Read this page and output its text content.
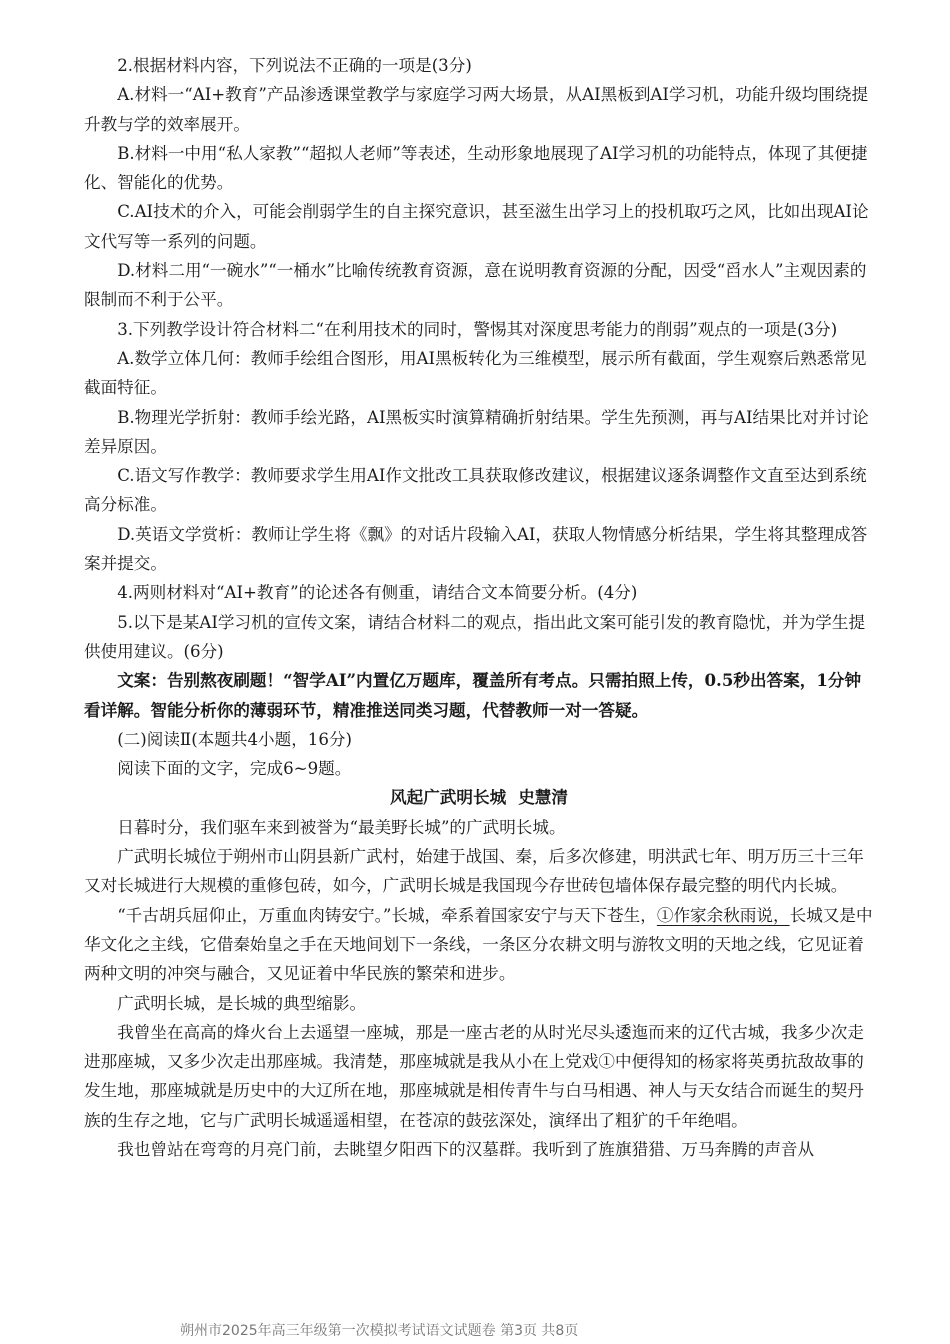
2.根据材料内容，下列说法不正确的一项是(3分)

A.材料一“AI+教育”产品渗透课堂教学与家庭学习两大场景，从AI黑板到AI学习机，功能升级均围绕提升教与学的效率展开。

B.材料一中用“私人家教”“超拟人老师”等表述，生动形象地展现了AI学习机的功能特点，体现了其便捷化、智能化的优势。

C.AI技术的介入，可能会削弱学生的自主探究意识，甚至滋生出学习上的投机取巧之风，比如出现AI论文代写等一系列的问题。

D.材料二用“一碗水”“一桶水”比喻传统教育资源，意在说明教育资源的分配，因受“舀水人”主观因素的限制而不利于公平。

3.下列教学设计符合材料二“在利用技术的同时，警惕其对深度思考能力的削弱”观点的一项是(3分)

A.数学立体几何：教师手绘组合图形，用AI黑板转化为三维模型，展示所有截面，学生观察后熟悉常见截面特征。

B.物理光学折射：教师手绘光路，AI黑板实时演算精确折射结果。学生先预测，再与AI结果比对并讨论差异原因。

C.语文写作教学：教师要求学生用AI作文批改工具获取修改建议，根据建议逐条调整作文直至达到系统高分标准。

D.英语文学赏析：教师让学生将《飘》的对话片段输入AI，获取人物情感分析结果，学生将其整理成答案并提交。

4.两则材料对“AI+教育”的论述各有侧重，请结合文本简要分析。(4分)

5.以下是某AI学习机的宣传文案，请结合材料二的观点，指出此文案可能引发的教育隐忧，并为学生提供使用建议。(6分)

文案：告别熬夜刷题！“智学AI”内置亿万题库，覆盖所有考点。只需拍照上传，0.5秒出答案，1分钟看详解。智能分析你的薄弱环节，精准推送同类习题，代替教师一对一答疑。

(二)阅读Ⅱ(本题共4小题，16分)

阅读下面的文字，完成6~9题。

风起广武明长城 史慧清

日暮时分，我们驱车来到被誉为“最美野长城”的广武明长城。

广武明长城位于朔州市山阴县新广武村，始建于战国、秦，后多次修建，明洪武七年、明万历三十三年又对长城进行大规模的重修包砖，如今，广武明长城是我国现今存世砖包墙体保存最完整的明代内长城。

“千古胡兵屈仰止，万重血肉铸安宁。”长城，牵系着国家安宁与天下苍生，①作家余秋雨说，长城又是中华文化之主线，它借秦始皇之手在天地间划下一条线，一条区分农耕文明与游牧文明的天地之线，它见证着两种文明的冲突与融合，又见证着中华民族的繁荣和进步。

广武明长城，是长城的典型缩影。

我曾坐在高高的烽火台上去遥望一座城，那是一座古老的从时光尽头逶迤而来的辽代古城，我多少次走进那座城，又多少次走出那座城。我清楚，那座城就是我从小在上党戏①中便得知的杨家将英勇抗敌故事的发生地，那座城就是历史中的大辽所在地，那座城就是相传青牛与白马相遇、神人与天女结合而诞生的契丹族的生存之地，它与广武明长城遥遥相望，在苍凉的鼓弦深处，演绎出了粗犷的千年绝唱。

我也曾站在弯弯的月亮门前，去眺望夕阳西下的汉墓群。我听到了旌旗猎猎、万马奔腾的声音从

朔州市2025年高三年级第一次模拟考试语文试题卷 第3页 共8页
